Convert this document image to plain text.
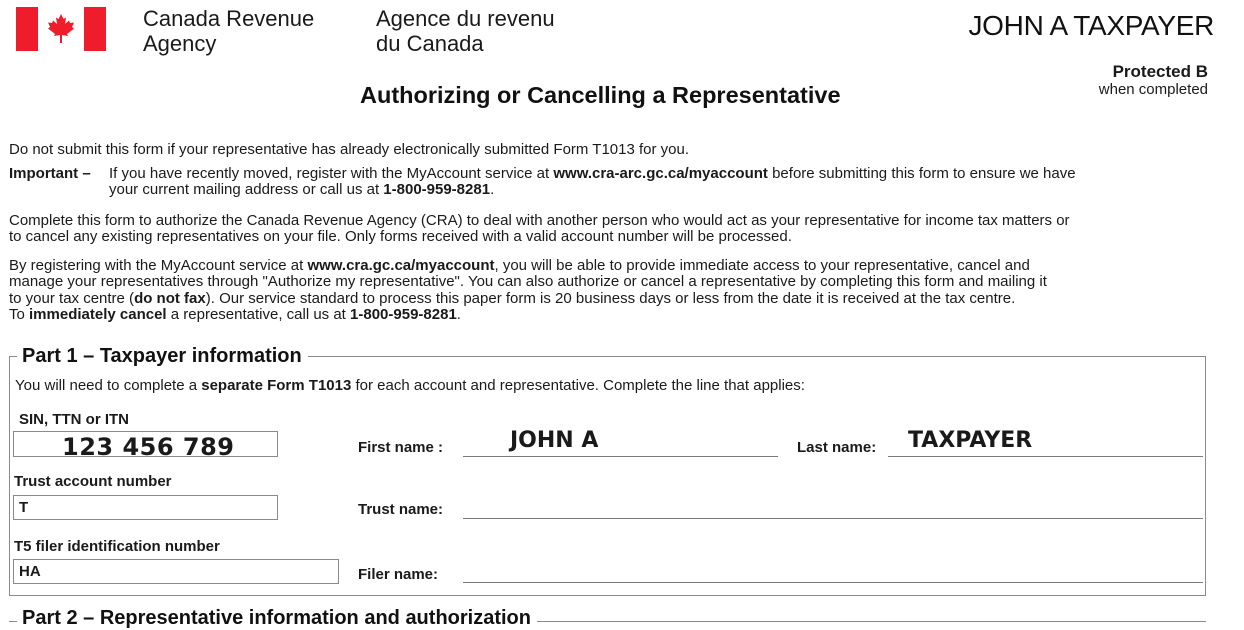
Canada Revenue
Agency
Agence du revenu
du Canada
JOHN A TAXPAYER
Protected B
when completed
Authorizing or Cancelling a Representative
Do not submit this form if your representative has already electronically submitted Form T1013 for you.
Important – If you have recently moved, register with the MyAccount service at www.cra-arc.gc.ca/myaccount before submitting this form to ensure we have
your current mailing address or call us at 1-800-959-8281.
Complete this form to authorize the Canada Revenue Agency (CRA) to deal with another person who would act as your representative for income tax matters or
to cancel any existing representatives on your file. Only forms received with a valid account number will be processed.
By registering with the MyAccount service at www.cra.gc.ca/myaccount, you will be able to provide immediate access to your representative, cancel and
manage your representatives through "Authorize my representative". You can also authorize or cancel a representative by completing this form and mailing it
to your tax centre (do not fax). Our service standard to process this paper form is 20 business days or less from the date it is received at the tax centre.
To immediately cancel a representative, call us at 1-800-959-8281.
Part 1 – Taxpayer information
You will need to complete a separate Form T1013 for each account and representative. Complete the line that applies:
SIN, TTN or ITN
123 456 789	First name :	JOHN A	Last name: TAXPAYER
Trust account number
T	Trust name:
T5 filer identification number
HA	Filer name:
Part 2 – Representative information and authorization
